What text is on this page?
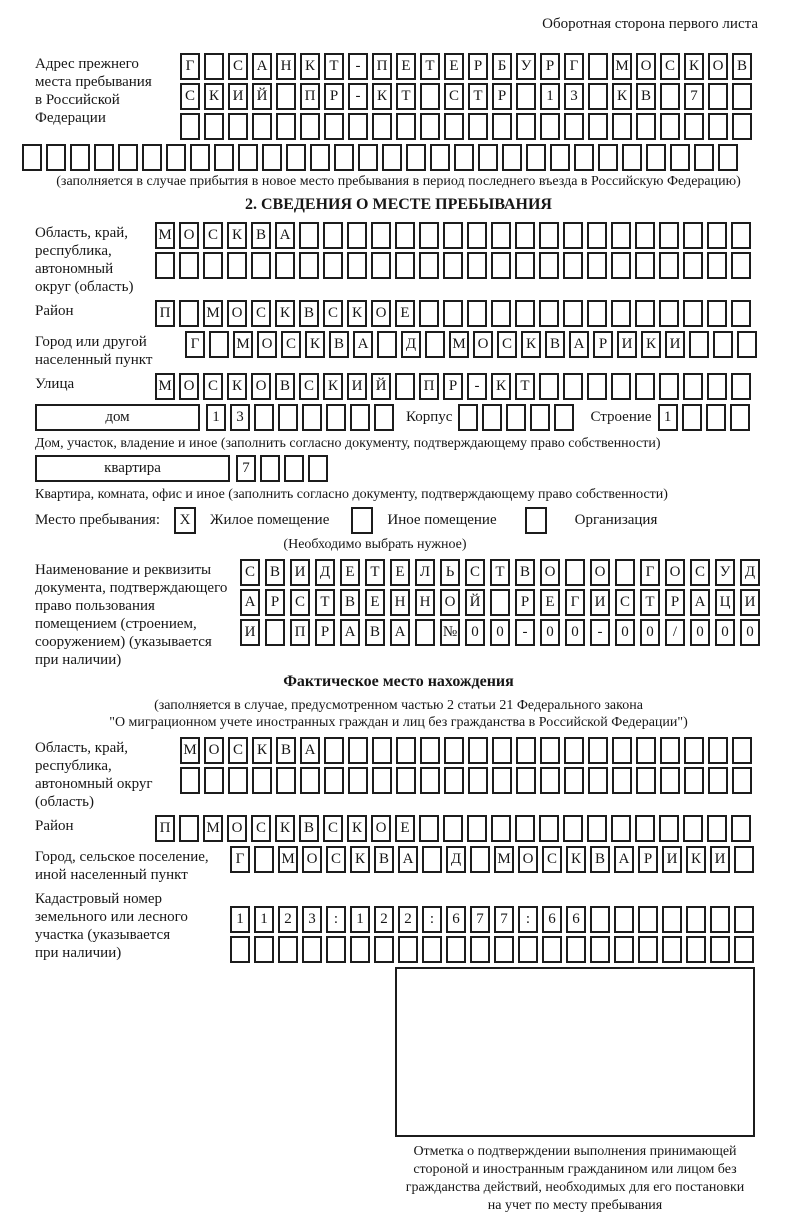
Оборотная сторона первого листа
Адрес прежнего
места пребывания
в Российской
Федерации
Г	С А Н К Т	-	П Е Т Е	Р	Б У Р	Г	М О С К О В
С К И Й	П Р	-	К Т	С Т	Р	1	3	К В	7
(заполняется в случае прибытия в новое место пребывания в период последнего въезда в Российскую Федерацию)
2. СВЕДЕНИЯ О МЕСТЕ ПРЕБЫВАНИЯ
Область, край,
республика,
автономный
округ (область)
М О С К В А
Район	П	М О С К В С К О Е
Город или другой
населенный пункт
Г	М О С К В А	Д	М О С К В А Р И К И
Улица	М О С К О В С К И Й	П Р	-	К Т
дом	1	3	Корпус	Строение 1
Дом, участок, владение и иное (заполнить согласно документу, подтверждающему право собственности)
квартира	7
Квартира, комната, офис и иное (заполнить согласно документу, подтверждающему право собственности)
Место пребывания:	X	Жилое помещение	Иное помещение	Организация
(Необходимо выбрать нужное)
Наименование и реквизиты
документа, подтверждающего
право пользования
помещением (строением,
сооружением) (указывается
при наличии)
С В И Д	Е	Т	Е	Л	Ь	С	Т	В О	О	Г	О С У Д
А	Р	С	Т	В	Е	Н Н О Й	Р	Е	Г	И С	Т	Р	А Ц И
И	П	Р	А В А	№ 0	0	-	0	0	-	0	0	/	0	0	0
Фактическое место нахождения
(заполняется в случае, предусмотренном частью 2 статьи 21 Федерального закона
"О миграционном учете иностранных граждан и лиц без гражданства в Российской Федерации")
Область, край,
республика,
автономный округ
(область)
М О С К В А
Район	П	М О С К В С К О Е
Город, сельское поселение,
иной населенный пункт
Г	М О С К В А	Д	М О С К В А Р И К И
Кадастровый номер
земельного или лесного
участка (указывается
при наличии)
1	1	2	3	:	1	2	2	:	6	7	7	:	6	6
Отметка о подтверждении выполнения принимающей
стороной и иностранным гражданином или лицом без
гражданства действий, необходимых для его постановки
на учет по месту пребывания
